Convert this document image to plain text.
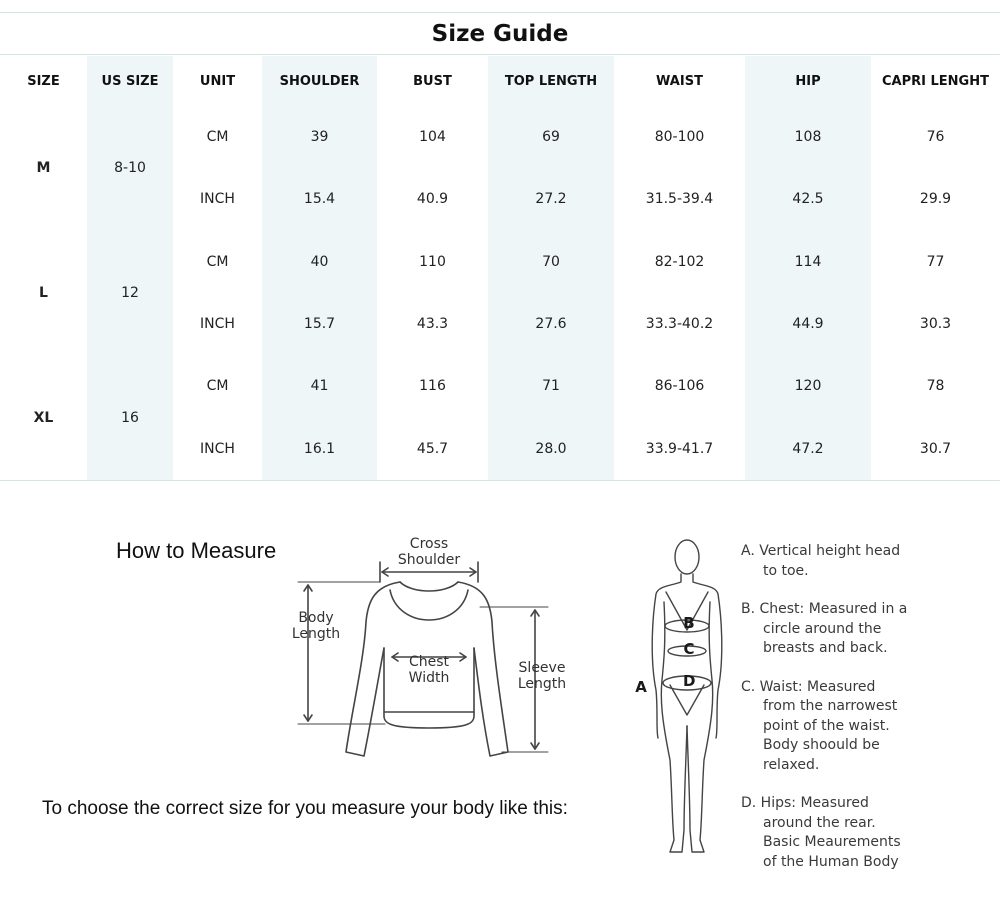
Size Guide
SIZE	US SIZE	UNIT	SHOULDER	BUST	TOP LENGTH	WAIST	HIP	CAPRI LENGHT
M	8-10	CM	39	104	69	80-100	108	76
		INCH	15.4	40.9	27.2	31.5-39.4	42.5	29.9
L	12	CM	40	110	70	82-102	114	77
		INCH	15.7	43.3	27.6	33.3-40.2	44.9	30.3
XL	16	CM	41	116	71	86-106	120	78
		INCH	16.1	45.7	28.0	33.9-41.7	47.2	30.7
How to Measure	Cross
Shoulder
Body
Length
Chest
Width
Sleeve
Length
B
C
D
A
A. Vertical height head
to toe.
B. Chest: Measured in a
circle around the
breasts and back.
C. Waist: Measured
from the narrowest
point of the waist.
Body shoould be
relaxed.
D. Hips: Measured
around the rear.
Basic Meaurements
of the Human Body
To choose the correct size for you measure your body like this:
